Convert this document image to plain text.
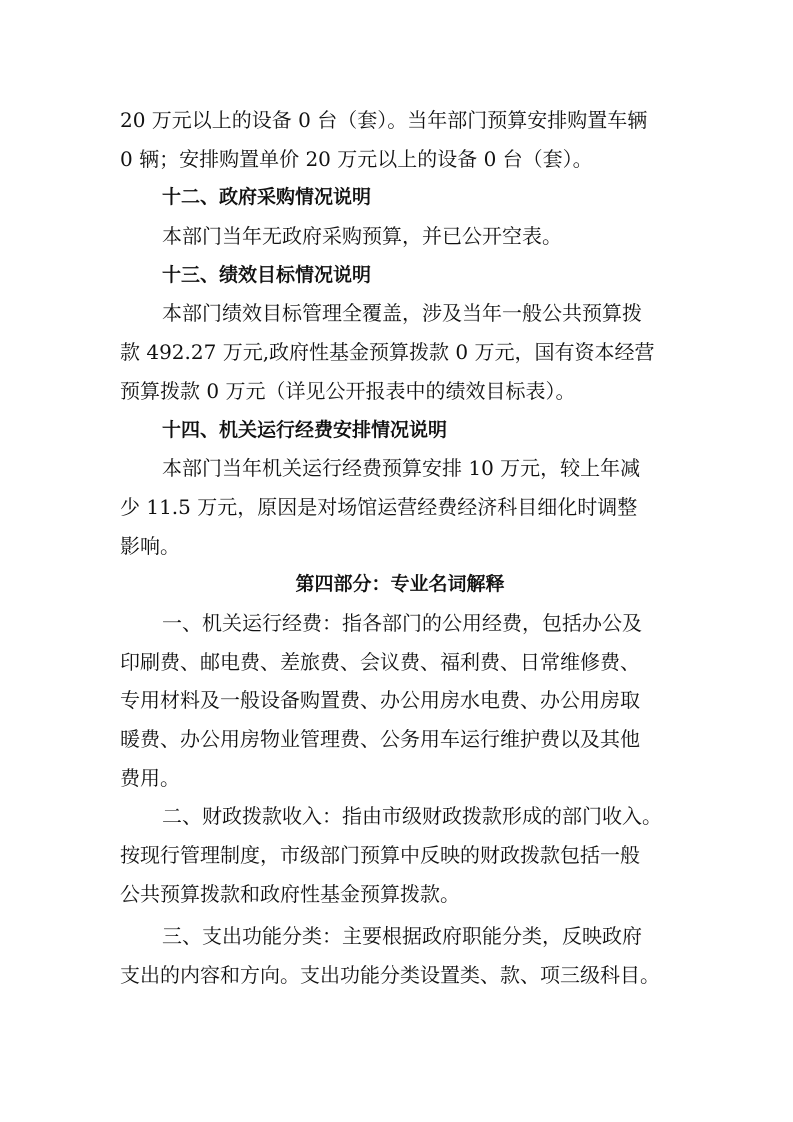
20 万元以上的设备 0 台（套）。当年部门预算安排购置车辆
0 辆；安排购置单价 20 万元以上的设备 0 台（套）。
十二、政府采购情况说明
本部门当年无政府采购预算，并已公开空表。
十三、绩效目标情况说明
本部门绩效目标管理全覆盖，涉及当年一般公共预算拨
款 492.27 万元,政府性基金预算拨款 0 万元，国有资本经营
预算拨款 0 万元（详见公开报表中的绩效目标表）。
十四、机关运行经费安排情况说明
本部门当年机关运行经费预算安排 10 万元，较上年减
少 11.5 万元，原因是对场馆运营经费经济科目细化时调整
影响。
第四部分：专业名词解释
一、机关运行经费：指各部门的公用经费，包括办公及
印刷费、邮电费、差旅费、会议费、福利费、日常维修费、
专用材料及一般设备购置费、办公用房水电费、办公用房取
暖费、办公用房物业管理费、公务用车运行维护费以及其他
费用。
二、财政拨款收入：指由市级财政拨款形成的部门收入。
按现行管理制度，市级部门预算中反映的财政拨款包括一般
公共预算拨款和政府性基金预算拨款。
三、支出功能分类：主要根据政府职能分类，反映政府
支出的内容和方向。支出功能分类设置类、款、项三级科目。
